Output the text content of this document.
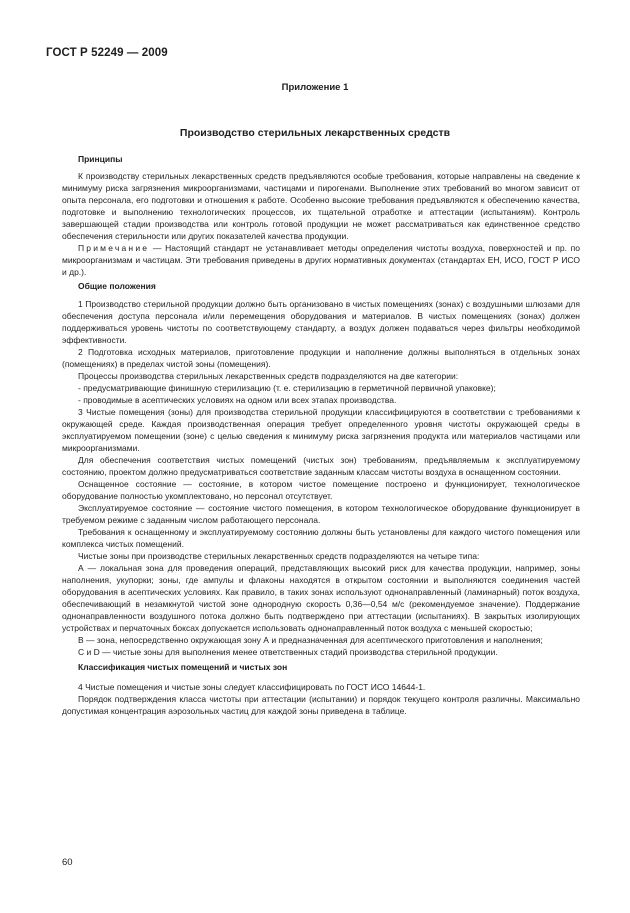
ГОСТ Р 52249 — 2009
Приложение 1
Производство стерильных лекарственных средств

Принципы

К производству стерильных лекарственных средств предъявляются особые требования, которые направлены на сведение к минимуму риска загрязнения микроорганизмами, частицами и пирогенами. Выполнение этих требований во многом зависит от опыта персонала, его подготовки и отношения к работе. Особенно высокие требования предъявляются к обеспечению качества, подготовке и выполнению технологических процессов, их тщательной отработке и аттестации (испытаниям). Контроль завершающей стадии производства или контроль готовой продукции не может рассматриваться как единственное средство обеспечения стерильности или других показателей качества продукции.

Примечание — Настоящий стандарт не устанавливает методы определения чистоты воздуха, поверхностей и пр. по микроорганизмам и частицам. Эти требования приведены в других нормативных документах (стандартах ЕН, ИСО, ГОСТ Р ИСО и др.).

Общие положения

1 Производство стерильной продукции должно быть организовано в чистых помещениях (зонах) с воздушными шлюзами для обеспечения доступа персонала и/или перемещения оборудования и материалов. В чистых помещениях (зонах) должен поддерживаться уровень чистоты по соответствующему стандарту, а воздух должен подаваться через фильтры необходимой эффективности.

2 Подготовка исходных материалов, приготовление продукции и наполнение должны выполняться в отдельных зонах (помещениях) в пределах чистой зоны (помещения).

Процессы производства стерильных лекарственных средств подразделяются на две категории:

- предусматривающие финишную стерилизацию (т. е. стерилизацию в герметичной первичной упаковке);

- проводимые в асептических условиях на одном или всех этапах производства.

3 Чистые помещения (зоны) для производства стерильной продукции классифицируются в соответствии с требованиями к окружающей среде. Каждая производственная операция требует определенного уровня чистоты окружающей среды в эксплуатируемом помещении (зоне) с целью сведения к минимуму риска загрязнения продукта или материалов частицами или микроорганизмами.

Для обеспечения соответствия чистых помещений (чистых зон) требованиям, предъявляемым к эксплуатируемому состоянию, проектом должно предусматриваться соответствие заданным классам чистоты воздуха в оснащенном состоянии.

Оснащенное состояние — состояние, в котором чистое помещение построено и функционирует, технологическое оборудование полностью укомплектовано, но персонал отсутствует.

Эксплуатируемое состояние — состояние чистого помещения, в котором технологическое оборудование функционирует в требуемом режиме с заданным числом работающего персонала.

Требования к оснащенному и эксплуатируемому состоянию должны быть установлены для каждого чистого помещения или комплекса чистых помещений.

Чистые зоны при производстве стерильных лекарственных средств подразделяются на четыре типа:

А — локальная зона для проведения операций, представляющих высокий риск для качества продукции, например, зоны наполнения, укупорки; зоны, где ампулы и флаконы находятся в открытом состоянии и выполняются соединения частей оборудования в асептических условиях. Как правило, в таких зонах используют однонаправленный (ламинарный) поток воздуха, обеспечивающий в незамкнутой чистой зоне однородную скорость 0,36—0,54 м/с (рекомендуемое значение). Поддержание однонаправленности воздушного потока должно быть подтверждено при аттестации (испытаниях). В закрытых изолирующих устройствах и перчаточных боксах допускается использовать однонаправленный поток воздуха с меньшей скоростью;

В — зона, непосредственно окружающая зону А и предназначенная для асептического приготовления и наполнения;

С и D — чистые зоны для выполнения менее ответственных стадий производства стерильной продукции.

Классификация чистых помещений и чистых зон

4 Чистые помещения и чистые зоны следует классифицировать по ГОСТ ИСО 14644-1.

Порядок подтверждения класса чистоты при аттестации (испытании) и порядок текущего контроля различны. Максимально допустимая концентрация аэрозольных частиц для каждой зоны приведена в таблице.

60
